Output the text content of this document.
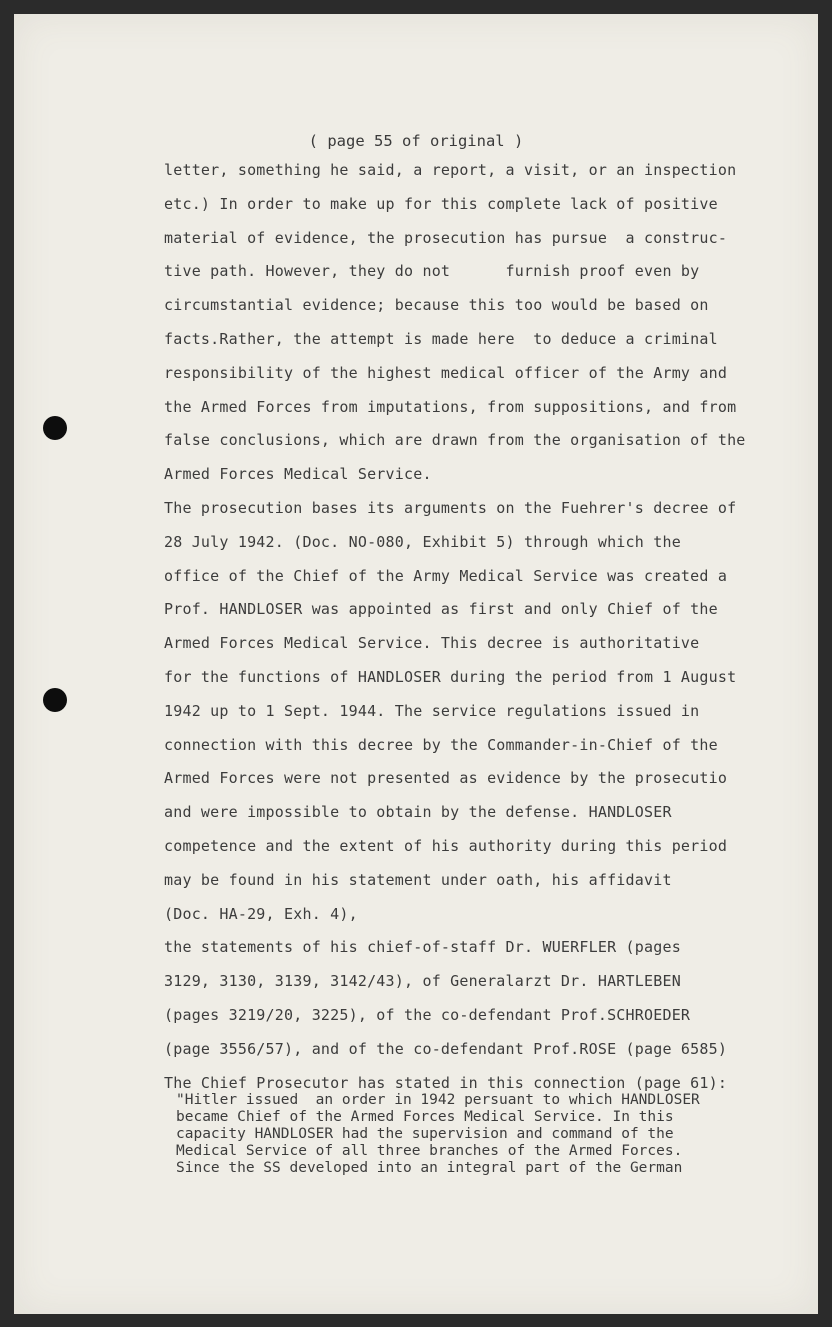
( page 55 of original )
letter, something he said, a report, a visit, or an inspection
etc.) In order to make up for this complete lack of positive
material of evidence, the prosecution has pursue  a construc-
tive path. However, they do not      furnish proof even by
circumstantial evidence; because this too would be based on
facts.Rather, the attempt is made here  to deduce a criminal
responsibility of the highest medical officer of the Army and
the Armed Forces from imputations, from suppositions, and from
false conclusions, which are drawn from the organisation of the
Armed Forces Medical Service.
The prosecution bases its arguments on the Fuehrer's decree of
28 July 1942. (Doc. NO-080, Exhibit 5) through which the
office of the Chief of the Army Medical Service was created a
Prof. HANDLOSER was appointed as first and only Chief of the
Armed Forces Medical Service. This decree is authoritative
for the functions of HANDLOSER during the period from 1 August
1942 up to 1 Sept. 1944. The service regulations issued in
connection with this decree by the Commander-in-Chief of the
Armed Forces were not presented as evidence by the prosecutio
and were impossible to obtain by the defense. HANDLOSER
competence and the extent of his authority during this period
may be found in his statement under oath, his affidavit
(Doc. HA-29, Exh. 4),
the statements of his chief-of-staff Dr. WUERFLER (pages
3129, 3130, 3139, 3142/43), of Generalarzt Dr. HARTLEBEN
(pages 3219/20, 3225), of the co-defendant Prof.SCHROEDER
(page 3556/57), and of the co-defendant Prof.ROSE (page 6585)
The Chief Prosecutor has stated in this connection (page 61):
"Hitler issued  an order in 1942 persuant to which HANDLOSER
became Chief of the Armed Forces Medical Service. In this
capacity HANDLOSER had the supervision and command of the
Medical Service of all three branches of the Armed Forces.
Since the SS developed into an integral part of the German
